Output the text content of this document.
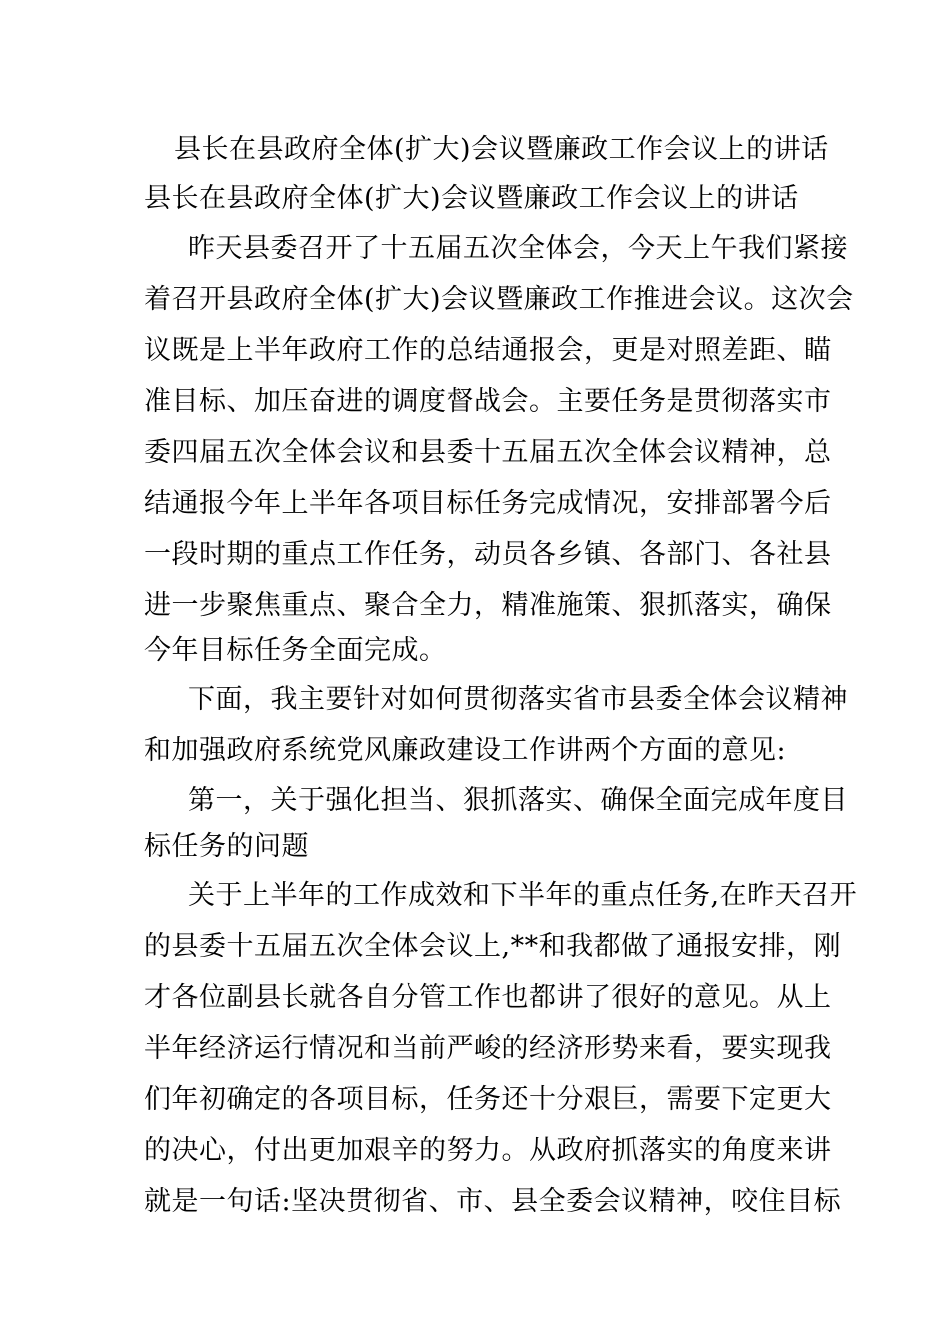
县长在县政府全体(扩大)会议暨廉政工作会议上的讲话
县长在县政府全体(扩大)会议暨廉政工作会议上的讲话
昨天县委召开了十五届五次全体会，今天上午我们紧接
着召开县政府全体(扩大)会议暨廉政工作推进会议。这次会
议既是上半年政府工作的总结通报会，更是对照差距、瞄
准目标、加压奋进的调度督战会。主要任务是贯彻落实市
委四届五次全体会议和县委十五届五次全体会议精神，总
结通报今年上半年各项目标任务完成情况，安排部署今后
一段时期的重点工作任务，动员各乡镇、各部门、各社县
进一步聚焦重点、聚合全力，精准施策、狠抓落实，确保
今年目标任务全面完成。
下面，我主要针对如何贯彻落实省市县委全体会议精神
和加强政府系统党风廉政建设工作讲两个方面的意见:
第一，关于强化担当、狠抓落实、确保全面完成年度目
标任务的问题
关于上半年的工作成效和下半年的重点任务,在昨天召开
的县委十五届五次全体会议上,**和我都做了通报安排，刚
才各位副县长就各自分管工作也都讲了很好的意见。从上
半年经济运行情况和当前严峻的经济形势来看，要实现我
们年初确定的各项目标，任务还十分艰巨，需要下定更大
的决心，付出更加艰辛的努力。从政府抓落实的角度来讲
就是一句话:坚决贯彻省、市、县全委会议精神，咬住目标
